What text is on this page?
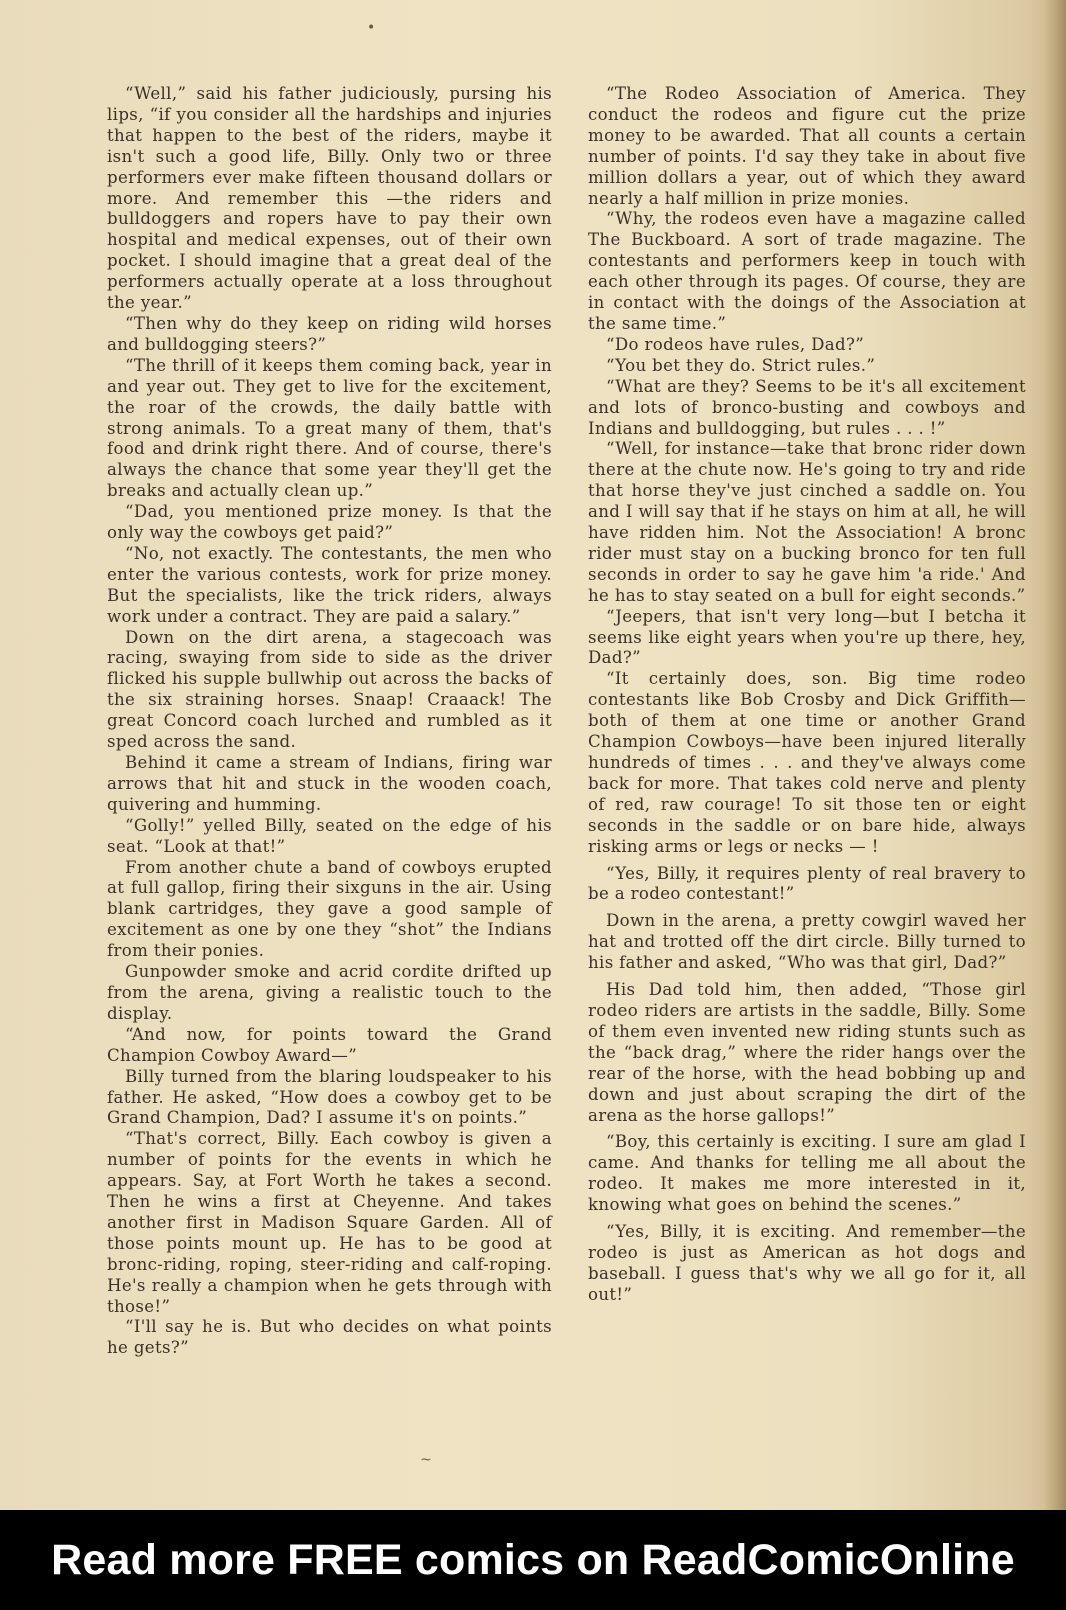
“Well,” said his father judiciously, pursing his lips, “if you consider all the hardships and injuries that happen to the best of the riders, maybe it isn't such a good life, Billy. Only two or three performers ever make fifteen thousand dollars or more. And remember this —the riders and bulldoggers and ropers have to pay their own hospital and medical expenses, out of their own pocket. I should imagine that a great deal of the performers actually operate at a loss throughout the year.”

“Then why do they keep on riding wild horses and bulldogging steers?”

“The thrill of it keeps them coming back, year in and year out. They get to live for the excitement, the roar of the crowds, the daily battle with strong animals. To a great many of them, that's food and drink right there. And of course, there's always the chance that some year they'll get the breaks and actually clean up.”

“Dad, you mentioned prize money. Is that the only way the cowboys get paid?”

“No, not exactly. The contestants, the men who enter the various contests, work for prize money. But the specialists, like the trick riders, always work under a contract. They are paid a salary.”

Down on the dirt arena, a stagecoach was racing, swaying from side to side as the driver flicked his supple bullwhip out across the backs of the six straining horses. Snaap! Craaack! The great Concord coach lurched and rumbled as it sped across the sand.

Behind it came a stream of Indians, firing war arrows that hit and stuck in the wooden coach, quivering and humming.

“Golly!” yelled Billy, seated on the edge of his seat. “Look at that!”

From another chute a band of cowboys erupted at full gallop, firing their sixguns in the air. Using blank cartridges, they gave a good sample of excitement as one by one they “shot” the Indians from their ponies.

Gunpowder smoke and acrid cordite drifted up from the arena, giving a realistic touch to the display.

“And now, for points toward the Grand Champion Cowboy Award—”

Billy turned from the blaring loudspeaker to his father. He asked, “How does a cowboy get to be Grand Champion, Dad? I assume it's on points.”

“That's correct, Billy. Each cowboy is given a number of points for the events in which he appears. Say, at Fort Worth he takes a second. Then he wins a first at Cheyenne. And takes another first in Madison Square Garden. All of those points mount up. He has to be good at bronc-riding, roping, steer-riding and calf-roping. He's really a champion when he gets through with those!”

“I'll say he is. But who decides on what points he gets?”

“The Rodeo Association of America. They conduct the rodeos and figure cut the prize money to be awarded. That all counts a certain number of points. I'd say they take in about five million dollars a year, out of which they award nearly a half million in prize monies.

“Why, the rodeos even have a magazine called The Buckboard. A sort of trade magazine. The contestants and performers keep in touch with each other through its pages. Of course, they are in contact with the doings of the Association at the same time.”

“Do rodeos have rules, Dad?”

“You bet they do. Strict rules.”

“What are they? Seems to be it's all excitement and lots of bronco-busting and cowboys and Indians and bulldogging, but rules . . . !”

“Well, for instance—take that bronc rider down there at the chute now. He's going to try and ride that horse they've just cinched a saddle on. You and I will say that if he stays on him at all, he will have ridden him. Not the Association! A bronc rider must stay on a bucking bronco for ten full seconds in order to say he gave him 'a ride.' And he has to stay seated on a bull for eight seconds.”

“Jeepers, that isn't very long—but I betcha it seems like eight years when you're up there, hey, Dad?”

“It certainly does, son. Big time rodeo contestants like Bob Crosby and Dick Griffith—both of them at one time or another Grand Champion Cowboys—have been injured literally hundreds of times . . . and they've always come back for more. That takes cold nerve and plenty of red, raw courage! To sit those ten or eight seconds in the saddle or on bare hide, always risking arms or legs or necks — !

“Yes, Billy, it requires plenty of real bravery to be a rodeo contestant!”

Down in the arena, a pretty cowgirl waved her hat and trotted off the dirt circle. Billy turned to his father and asked, “Who was that girl, Dad?”

His Dad told him, then added, “Those girl rodeo riders are artists in the saddle, Billy. Some of them even invented new riding stunts such as the “back drag,” where the rider hangs over the rear of the horse, with the head bobbing up and down and just about scraping the dirt of the arena as the horse gallops!”

“Boy, this certainly is exciting. I sure am glad I came. And thanks for telling me all about the rodeo. It makes me more interested in it, knowing what goes on behind the scenes.”

“Yes, Billy, it is exciting. And remember—the rodeo is just as American as hot dogs and baseball. I guess that's why we all go for it, all out!”

•
~
Read more FREE comics on ReadComicOnline
